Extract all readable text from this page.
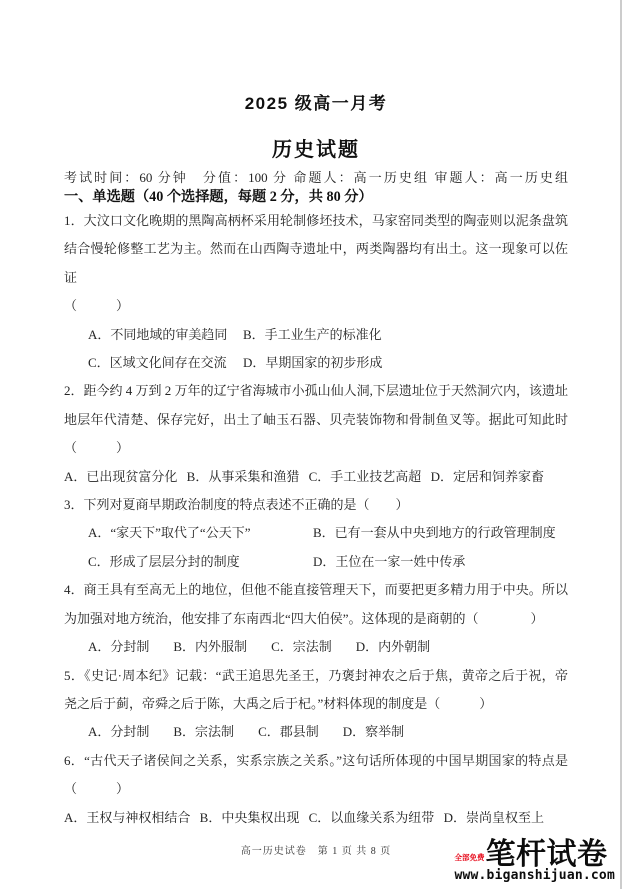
2025 级高一月考
历史试题
考试时间：60 分钟　分值：100 分 命题人：高一历史组 审题人：高一历史组
一、单选题（40 个选择题，每题 2 分，共 80 分）
1．大汶口文化晚期的黑陶高柄杯采用轮制修坯技术，马家窑同类型的陶壶则以泥条盘筑
结合慢轮修整工艺为主。然而在山西陶寺遗址中，两类陶器均有出土。这一现象可以佐证
（　　　）
A．不同地域的审美趋同	B．手工业生产的标准化
C．区域文化间存在交流	D．早期国家的初步形成
2．距今约 4 万到 2 万年的辽宁省海城市小孤山仙人洞,下层遗址位于天然洞穴内，该遗址
地层年代清楚、保存完好，出土了岫玉石器、贝壳装饰物和骨制鱼叉等。据此可知此时
（　　　）
A．已出现贫富分化 B．从事采集和渔猎 C．手工业技艺高超 D．定居和饲养家畜
3．下列对夏商早期政治制度的特点表述不正确的是（　　）
A．“家天下”取代了“公天下”	B．已有一套从中央到地方的行政管理制度
C．形成了层层分封的制度	D．王位在一家一姓中传承
4．商王具有至高无上的地位，但他不能直接管理天下，而要把更多精力用于中央。所以
为加强对地方统治，他安排了东南西北“四大伯侯”。这体现的是商朝的（　　　　）
A．分封制 B．内外服制 C．宗法制 D．内外朝制
5．《史记·周本纪》记载：“武王追思先圣王，乃褒封神农之后于焦，黄帝之后于祝，帝
尧之后于蓟，帝舜之后于陈，大禹之后于杞。”材料体现的制度是（　　　）
A．分封制 B．宗法制 C．郡县制 D．察举制
6．“古代天子诸侯间之关系，实系宗族之关系。”这句话所体现的中国早期国家的特点是
（　　　）
A．王权与神权相结合 B．中央集权出现 C．以血缘关系为纽带 D．崇尚皇权至上
高一历史试卷　第 1 页 共 8 页
全部免费 笔杆试卷
www.biganshijuan.com
